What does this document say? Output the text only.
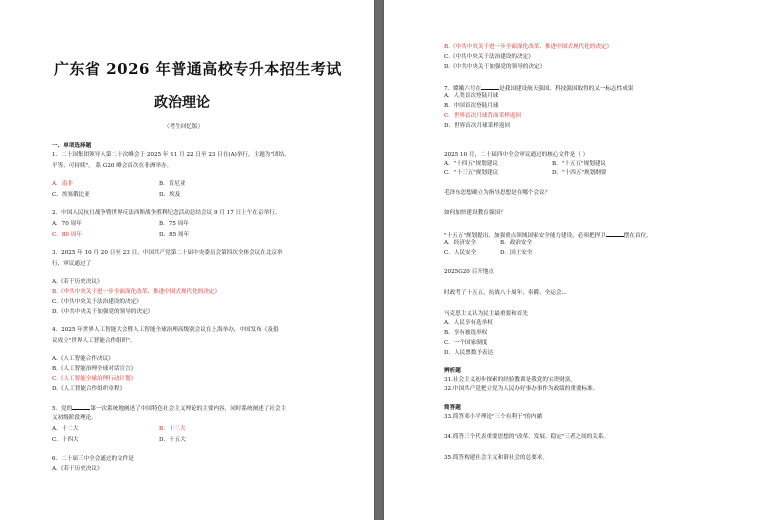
广东省 2026 年普通高校专升本招生考试
政治理论
（考生回忆版）
一、单项选择题
1．二十国集团领导人第二十次峰会于 2025 年 11 月 22 日至 23 日在(A)举行，主题为"团结、
平等、可持续"。 系 G20 峰会首次在非洲举办。
A．南非	B．肯尼亚
C．埃塞俄比亚	D．埃及
2．中国人民抗日战争暨世界反法西斯战争胜利纪念活动总结会议 9 月 17 日上午在京举行。
A．70 周年	B．75 周年
C．80 周年	D．85 周年
3．2025 年 10 月 20 日至 23 日，中国共产党第二十届中央委员会第四次全体会议在北京举
行，审议通过了
A.《若干历史决议》
B.《中共中央关于进一步全面深化改革、推进中国式现代化的决定》
C.《中共中央关于法治建设的决定》
D.《中共中央关于加强党的领导的决定》
4．2025 年世界人工智能大会暨人工智能全球治理高级别会议在上海举办，中国发布《及倡
议成立"世界人工智能合作组织"。
A.《人工智能合作决议》
B.《人工智能治理全球对话宣言》
C.《人工智能全球治理行动计划》
D.《人工智能合作组织章程》
5．党的	第一次系统地阐述了中国特色社会主义理论的主要内容，同时系统阐述了社会主
义初级阶段理论。
A．十二大	B．十三大
C．十四大	D．十五大
6．二十届三中全会通过的文件是
A.《若干历史决议》
B.《中共中央关于进一步全面深化改革、推进中国式现代化的决定》
C.《中共中央关于法治建设的决定》
D.《中共中央关于加强党的领导的决定》
7．嫦娥六号在	是我国建设航天强国、科技强国取得的又一标志性成果
A．人类首次登陆月球
B．中国首次登陆月球
C．世界首次月球背面采样返回
D．世界首次月球采样返回
2025 10 月，二十届四中全会审议通过的核心文件是（ ）
A．"十四五"规划建议	B．"十五五"规划建议
C．"十三五"规划建议	D．"十四五"规划纲要
毛泽东思想确立为指导思想是在哪个会议？
如何加快建设教育强国？
"十五五"规划提出，加强重点领域国家安全能力建设，必须把捍卫	摆在首位。
A．经济安全	B．政治安全
C．人民安全	D．国土安全
2025G20 召开地点
时政考了十五五，抗战八十周年，奉爵、全运会...
马克思主义认为民主最重要和首先
A．人民享有选举权
B．享有被选举权
C．一个国家制度
D．人民票数予表达
辨析题
31.社会主义初步探索的经验教训是我党的宝贵财富。
32.中国共产党把立党为人民办好事办事作为政绩的重要标准。
简答题
33.简答邓小平理论"三个有利于"的内涵
34.简答三个代表重要思想的"改革、发展、稳定"三者之间的关系。
35.简答构建社会主义和谐社会的总要求。
